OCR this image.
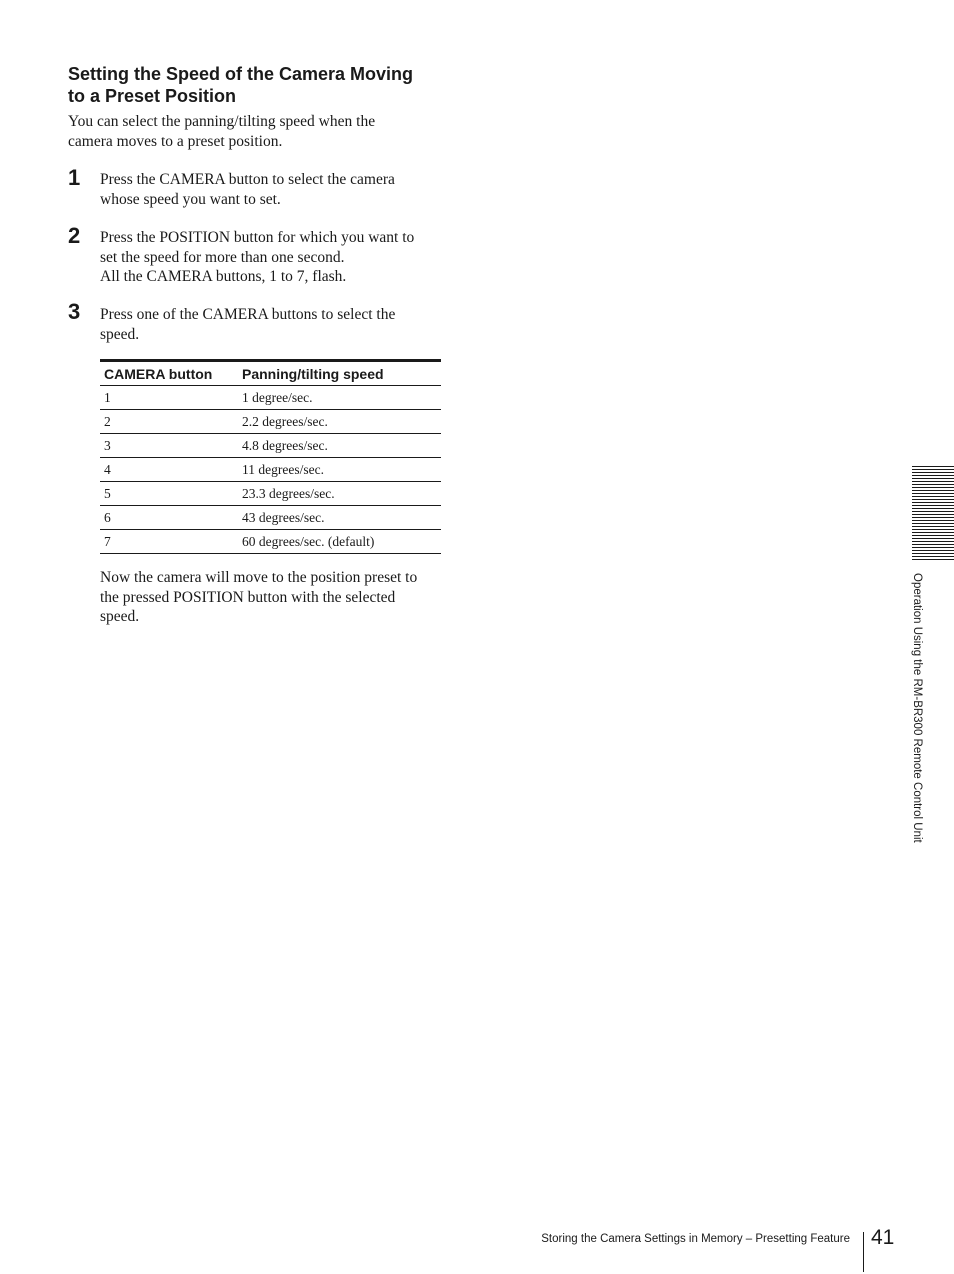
Setting the Speed of the Camera Moving
to a Preset Position
You can select the panning/tilting speed when the
camera moves to a preset position.
1 Press the CAMERA button to select the camera
whose speed you want to set.
2 Press the POSITION button for which you want to
set the speed for more than one second.
All the CAMERA buttons, 1 to 7, flash.
3 Press one of the CAMERA buttons to select the
speed.
CAMERA button	Panning/tilting speed
1	1 degree/sec.
2	2.2 degrees/sec.
3	4.8 degrees/sec.
4	11 degrees/sec.
5	23.3 degrees/sec.
6	43 degrees/sec.
7	60 degrees/sec. (default)
Now the camera will move to the position preset to
the pressed POSITION button with the selected
speed.	Operation Using the RM-BR300 Remote Control Unit
Storing the Camera Settings in Memory – Presetting Feature 41
